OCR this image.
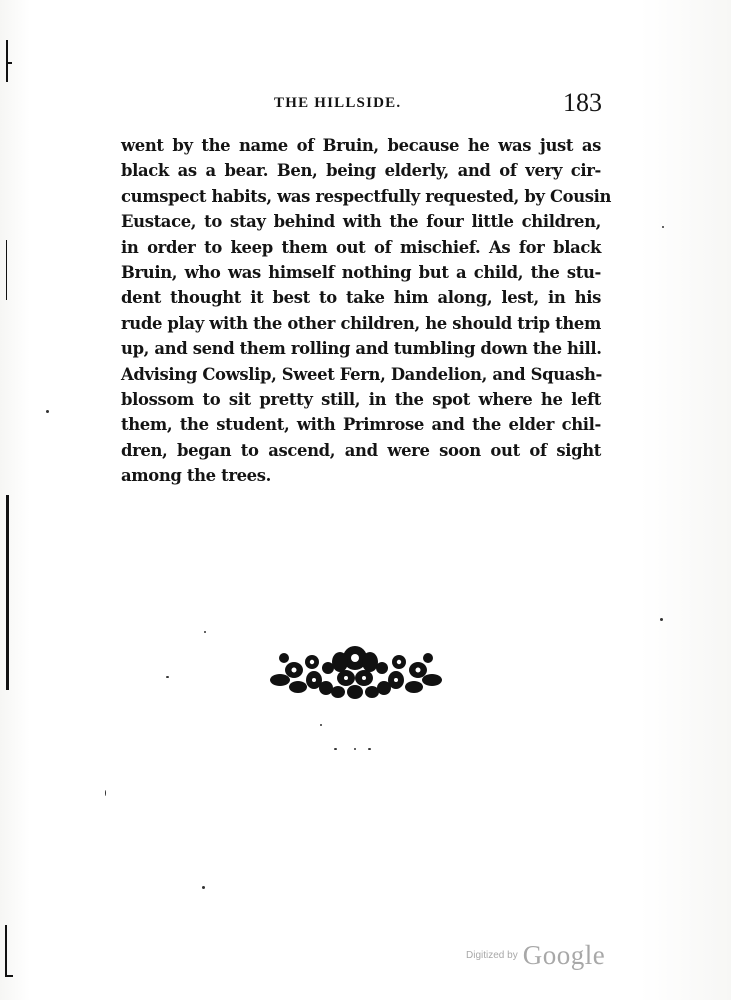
THE HILLSIDE.	183
went by the name of Bruin, because he was just as
black as a bear. Ben, being elderly, and of very cir-
cumspect habits, was respectfully requested, by Cousin
Eustace, to stay behind with the four little children,
in order to keep them out of mischief. As for black
Bruin, who was himself nothing but a child, the stu-
dent thought it best to take him along, lest, in his
rude play with the other children, he should trip them
up, and send them rolling and tumbling down the hill.
Advising Cowslip, Sweet Fern, Dandelion, and Squash-
blossom to sit pretty still, in the spot where he left
them, the student, with Primrose and the elder chil-
dren, began to ascend, and were soon out of sight
among the trees.
Digitized by Google
